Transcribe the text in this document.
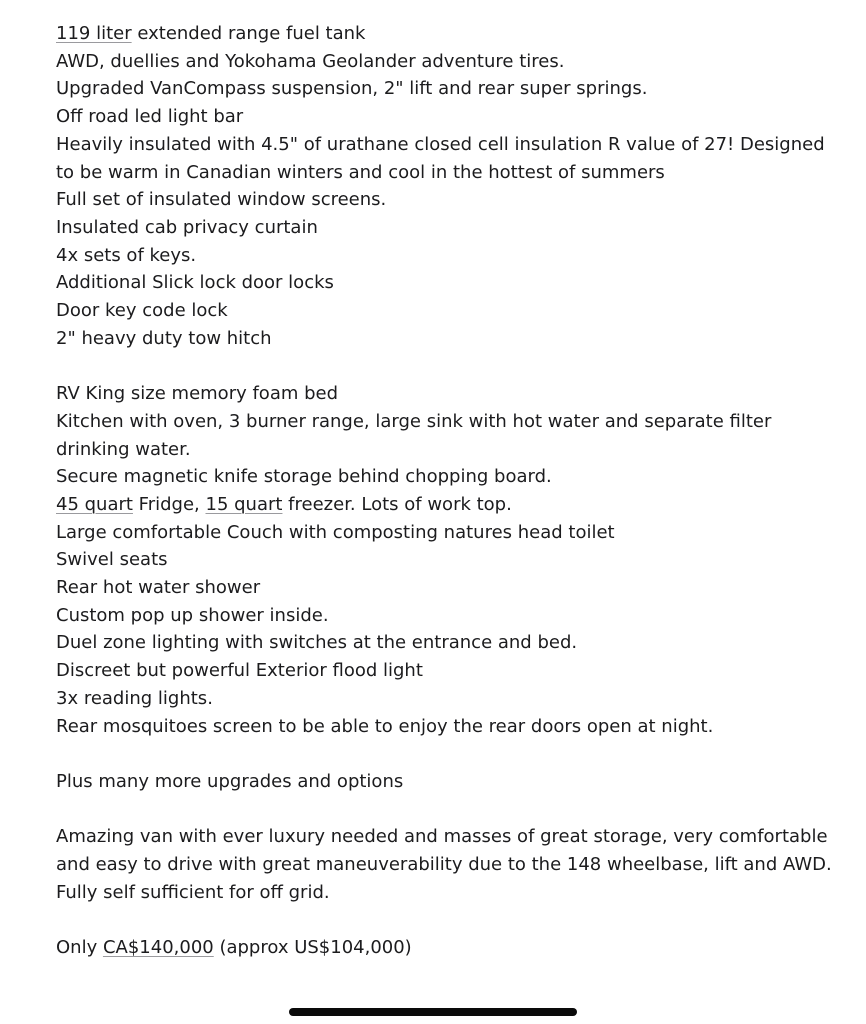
119 liter extended range fuel tank

AWD, duellies and Yokohama Geolander adventure tires.

Upgraded VanCompass suspension, 2" lift and rear super springs.

Off road led light bar

Heavily insulated with 4.5" of urathane closed cell insulation R value of 27! Designed

to be warm in Canadian winters and cool in the hottest of summers

Full set of insulated window screens.

Insulated cab privacy curtain

4x sets of keys.

Additional Slick lock door locks

Door key code lock

2" heavy duty tow hitch

RV King size memory foam bed

Kitchen with oven, 3 burner range, large sink with hot water and separate filter

drinking water.

Secure magnetic knife storage behind chopping board.

45 quart Fridge, 15 quart freezer. Lots of work top.

Large comfortable Couch with composting natures head toilet

Swivel seats

Rear hot water shower

Custom pop up shower inside.

Duel zone lighting with switches at the entrance and bed.

Discreet but powerful Exterior flood light

3x reading lights.

Rear mosquitoes screen to be able to enjoy the rear doors open at night.

Plus many more upgrades and options

Amazing van with ever luxury needed and masses of great storage, very comfortable

and easy to drive with great maneuverability due to the 148 wheelbase, lift and AWD.

Fully self sufficient for off grid.

Only CA$140,000 (approx US$104,000)
